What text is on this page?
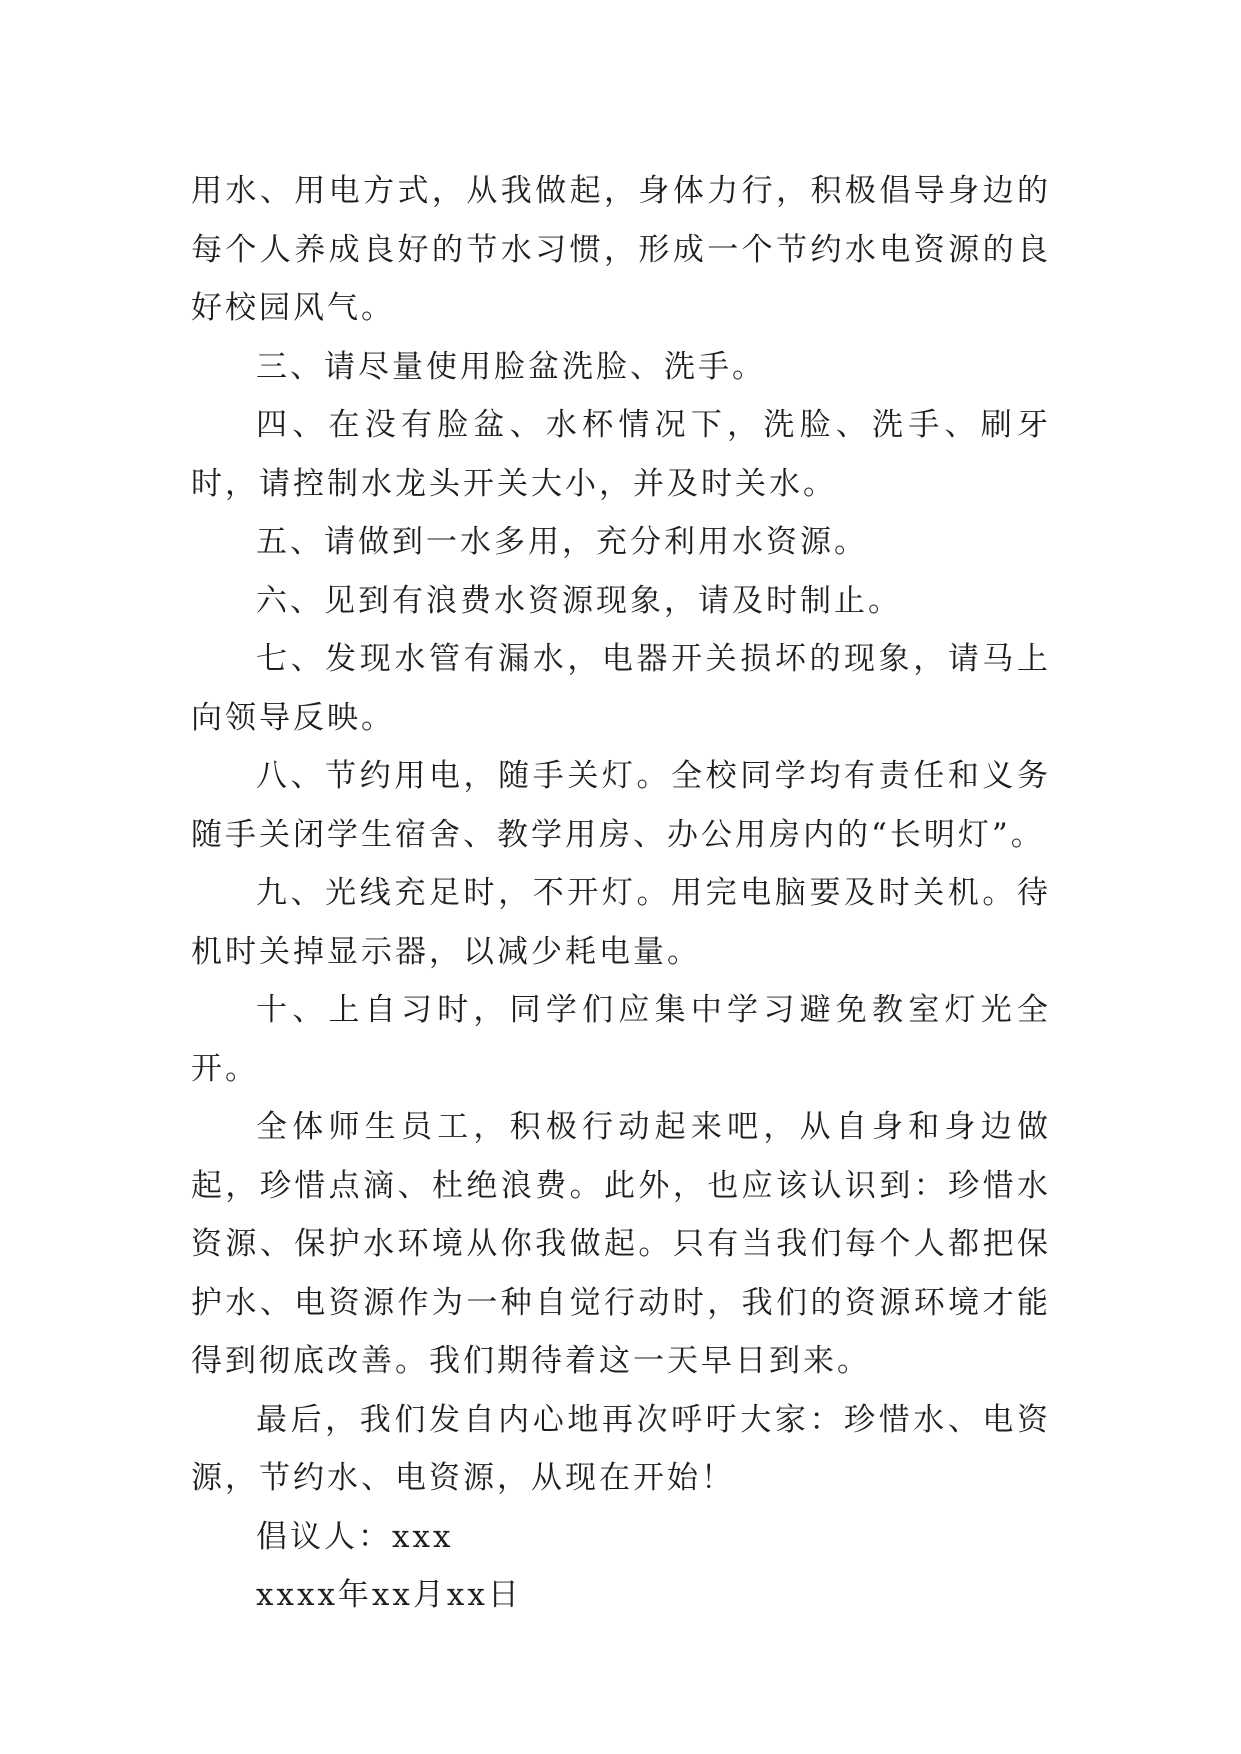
用水、用电方式，从我做起，身体力行，积极倡导身边的每个人养成良好的节水习惯，形成一个节约水电资源的良好校园风气。

三、请尽量使用脸盆洗脸、洗手。

四、在没有脸盆、水杯情况下，洗脸、洗手、刷牙时，请控制水龙头开关大小，并及时关水。

五、请做到一水多用，充分利用水资源。

六、见到有浪费水资源现象，请及时制止。

七、发现水管有漏水，电器开关损坏的现象，请马上向领导反映。

八、节约用电，随手关灯。全校同学均有责任和义务随手关闭学生宿舍、教学用房、办公用房内的“长明灯”。

九、光线充足时，不开灯。用完电脑要及时关机。待机时关掉显示器，以减少耗电量。

十、上自习时，同学们应集中学习避免教室灯光全开。

全体师生员工，积极行动起来吧，从自身和身边做起，珍惜点滴、杜绝浪费。此外，也应该认识到：珍惜水资源、保护水环境从你我做起。只有当我们每个人都把保护水、电资源作为一种自觉行动时，我们的资源环境才能得到彻底改善。我们期待着这一天早日到来。

最后，我们发自内心地再次呼吁大家：珍惜水、电资源，节约水、电资源，从现在开始！

倡议人：xxx

xxxx年xx月xx日
